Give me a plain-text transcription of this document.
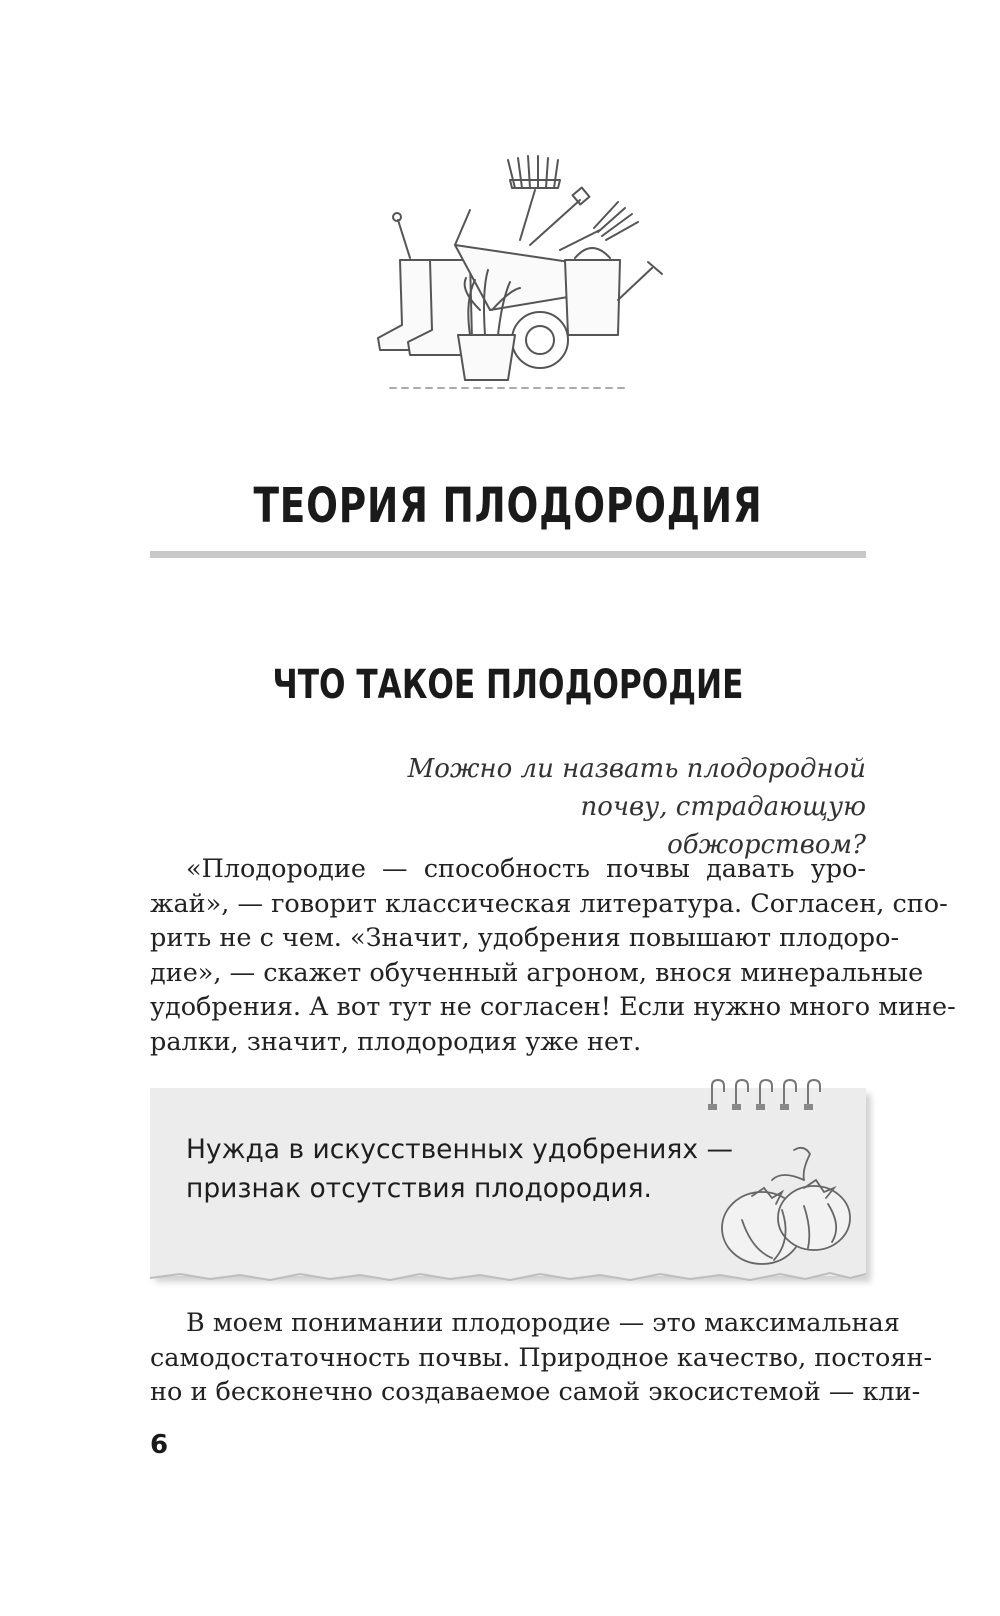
ТЕОРИЯ ПЛОДОРОДИЯ
ЧТО ТАКОЕ ПЛОДОРОДИЕ
Можно ли назвать плодородной
почву, страдающую обжорством?
«Плодородие — способность почвы давать уро-
жай», — говорит классическая литература. Согласен, спо-
рить не с чем. «Значит, удобрения повышают плодоро-
дие», — скажет обученный агроном, внося минеральные
удобрения. А вот тут не согласен! Если нужно много мине-
ралки, значит, плодородия уже нет.
Нужда в искусственных удобрениях —
признак отсутствия плодородия.
В моем понимании плодородие — это максимальная
самодостаточность почвы. Природное качество, постоян-
но и бесконечно создаваемое самой экосистемой — кли-
6
